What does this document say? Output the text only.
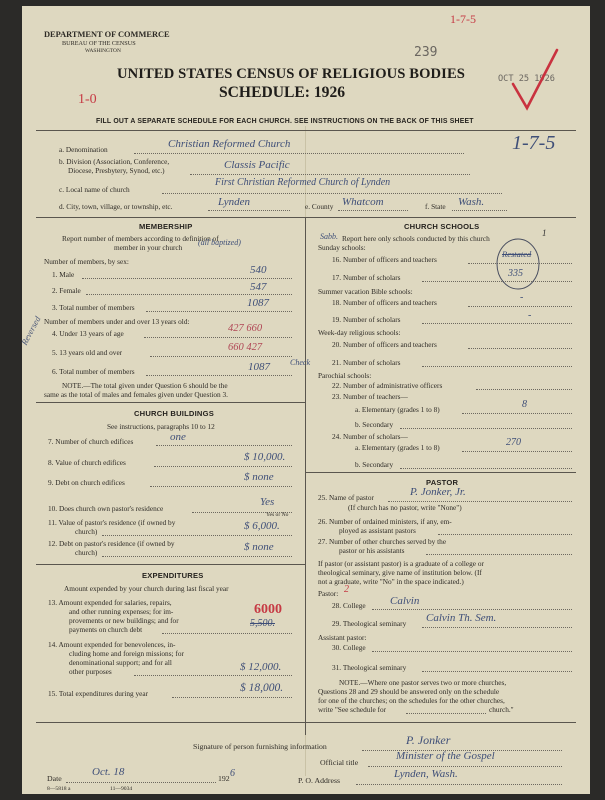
DEPARTMENT OF COMMERCE
BUREAU OF THE CENSUS
WASHINGTON	239
1-7-5
UNITED STATES CENSUS OF RELIGIOUS BODIES
SCHEDULE: 1926
OCT 25 1926
1-0
FILL OUT A SEPARATE SCHEDULE FOR EACH CHURCH. SEE INSTRUCTIONS ON THE BACK OF THIS SHEET
a. Denomination	Christian Reformed Church	1-7-5
b. Division (Association, Conference,
Diocese, Presbytery, Synod, etc.)	Classis Pacific
c. Local name of church
First Christian Reformed Church of Lynden
d. City, town, village, or township, etc.	Lynden	e. County Whatcom	f. State Wash.
MEMBERSHIP
Report number of members according to definition of
member in your church
(all baptized)
Number of members, by sex:
1. Male	540
2. Female	547
3. Total number of members	1087
Number of members under and over 13 years old:
4. Under 13 years of age	427 660
Reversed
5. 13 years old and over	660 427
6. Total number of members	1087	Check
NOTE.—The total given under Question 6 should be the
same as the total of males and females given under Question 3.
CHURCH BUILDINGS
See instructions, paragraphs 10 to 12
7. Number of church edifices	one
8. Value of church edifices	$ 10,000.
9. Debt on church edifices	$ none
10. Does church own pastor's residence
Yes
Yes or No
11. Value of pastor's residence (if owned by
church)	$ 6,000.
12. Debt on pastor's residence (if owned by
church)	$ none
EXPENDITURES
Amount expended by your church during last fiscal year
13. Amount expended for salaries, repairs,
and other running expenses; for im-
provements or new buildings; and for
payments on church debt
6000
5,500.
14. Amount expended for benevolences, in-
cluding home and foreign missions; for
denominational support; and for all
other purposes	$ 12,000.
15. Total expenditures during year	$ 18,000.
CHURCH SCHOOLS
Report here only schools conducted by this church
Sunday schools:
Sabb.
16. Number of officers and teachers
Restated
17. Number of scholars	335
1
Summer vacation Bible schools:
18. Number of officers and teachers	-
19. Number of scholars	-
Week-day religious schools:
20. Number of officers and teachers
21. Number of scholars
Parochial schools:
22. Number of administrative officers
23. Number of teachers—
a. Elementary (grades 1 to 8)	8
b. Secondary
24. Number of scholars—
a. Elementary (grades 1 to 8)	270
b. Secondary
PASTOR
25. Name of pastor	P. Jonker, Jr.
(If church has no pastor, write "None")
26. Number of ordained ministers, if any, em-
ployed as assistant pastors
27. Number of other churches served by the
pastor or his assistants
If pastor (or assistant pastor) is a graduate of a college or
theological seminary, give name of institution below. (If
not a graduate, write "No" in the space indicated.)
Pastor: 2
28. College Calvin
29. Theological seminary Calvin Th. Sem.
Assistant pastor:
30. College
31. Theological seminary
NOTE.—Where one pastor serves two or more churches,
Questions 28 and 29 should be answered only on the schedule
for one of the churches; on the schedules for the other churches,
write "See schedule for	church."
Signature of person furnishing information	P. Jonker
Official title
Minister of the Gospel
Date
Oct. 18
192 6
P. O. Address
Lynden, Wash.
8—5818 a	11—9034
